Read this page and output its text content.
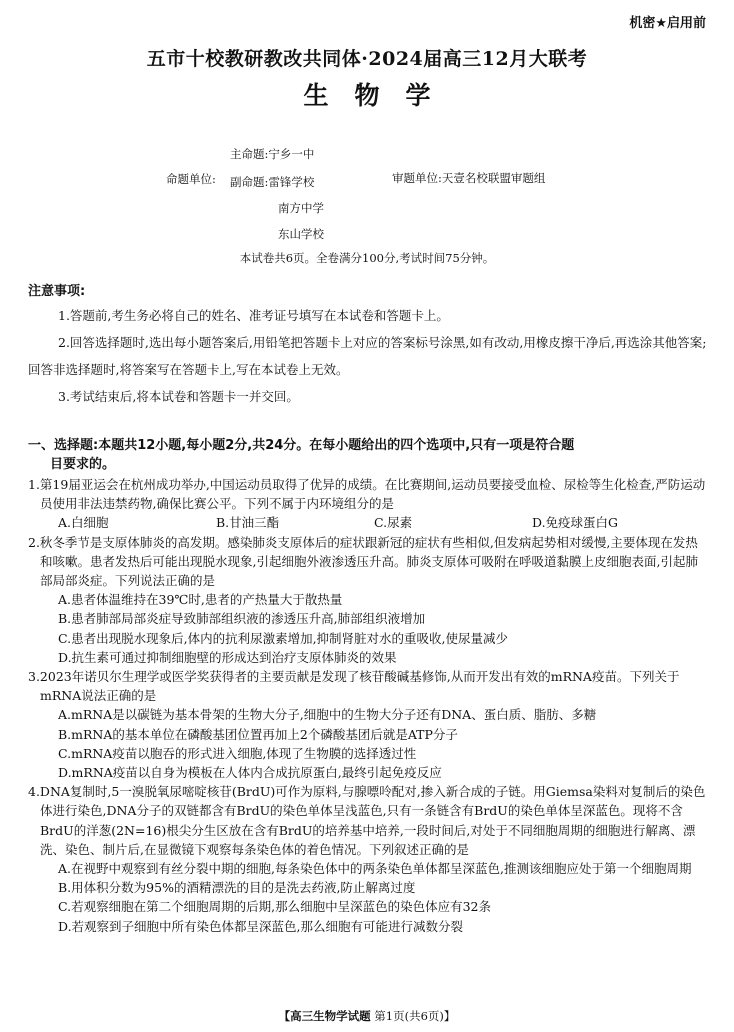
机密★启用前
五市十校教研教改共同体·2024届高三12月大联考
生物学
主命题:宁乡一中
命题单位: 副命题:雷锋学校	审题单位:天壹名校联盟审题组
南方中学
东山学校
本试卷共6页。全卷满分100分,考试时间75分钟。
注意事项:

1.答题前,考生务必将自己的姓名、准考证号填写在本试卷和答题卡上。

2.回答选择题时,选出每小题答案后,用铅笔把答题卡上对应的答案标号涂黑,如有改动,用橡皮擦干净后,再选涂其他答案;回答非选择题时,将答案写在答题卡上,写在本试卷上无效。

3.考试结束后,将本试卷和答题卡一并交回。

一、选择题:本题共12小题,每小题2分,共24分。在每小题给出的四个选项中,只有一项是符合题
目要求的。
1.第19届亚运会在杭州成功举办,中国运动员取得了优异的成绩。在比赛期间,运动员要接受血检、尿检等生化检查,严防运动员使用非法违禁药物,确保比赛公平。下列不属于内环境组分的是
A.白细胞	B.甘油三酯	C.尿素	D.免疫球蛋白G
2.秋冬季节是支原体肺炎的高发期。感染肺炎支原体后的症状跟新冠的症状有些相似,但发病起势相对缓慢,主要体现在发热和咳嗽。患者发热后可能出现脱水现象,引起细胞外液渗透压升高。肺炎支原体可吸附在呼吸道黏膜上皮细胞表面,引起肺部局部炎症。下列说法正确的是
A.患者体温维持在39℃时,患者的产热量大于散热量
B.患者肺部局部炎症导致肺部组织液的渗透压升高,肺部组织液增加
C.患者出现脱水现象后,体内的抗利尿激素增加,抑制肾脏对水的重吸收,使尿量减少
D.抗生素可通过抑制细胞壁的形成达到治疗支原体肺炎的效果
3.2023年诺贝尔生理学或医学奖获得者的主要贡献是发现了核苷酸碱基修饰,从而开发出有效的mRNA疫苗。下列关于mRNA说法正确的是
A.mRNA是以碳链为基本骨架的生物大分子,细胞中的生物大分子还有DNA、蛋白质、脂肪、多糖
B.mRNA的基本单位在磷酸基团位置再加上2个磷酸基团后就是ATP分子
C.mRNA疫苗以胞吞的形式进入细胞,体现了生物膜的选择透过性
D.mRNA疫苗以自身为模板在人体内合成抗原蛋白,最终引起免疫反应
4.DNA复制时,5一溴脱氧尿嘧啶核苷(BrdU)可作为原料,与腺嘌呤配对,掺入新合成的子链。用Giemsa染料对复制后的染色体进行染色,DNA分子的双链都含有BrdU的染色单体呈浅蓝色,只有一条链含有BrdU的染色单体呈深蓝色。现将不含BrdU的洋葱(2N=16)根尖分生区放在含有BrdU的培养基中培养,一段时间后,对处于不同细胞周期的细胞进行解离、漂洗、染色、制片后,在显微镜下观察每条染色体的着色情况。下列叙述正确的是
A.在视野中观察到有丝分裂中期的细胞,每条染色体中的两条染色单体都呈深蓝色,推测该细胞应处于第一个细胞周期
B.用体积分数为95%的酒精漂洗的目的是洗去药液,防止解离过度
C.若观察细胞在第二个细胞周期的后期,那么细胞中呈深蓝色的染色体应有32条
D.若观察到子细胞中所有染色体都呈深蓝色,那么细胞有可能进行减数分裂
【高三生物学试题 第1页(共6页)】
